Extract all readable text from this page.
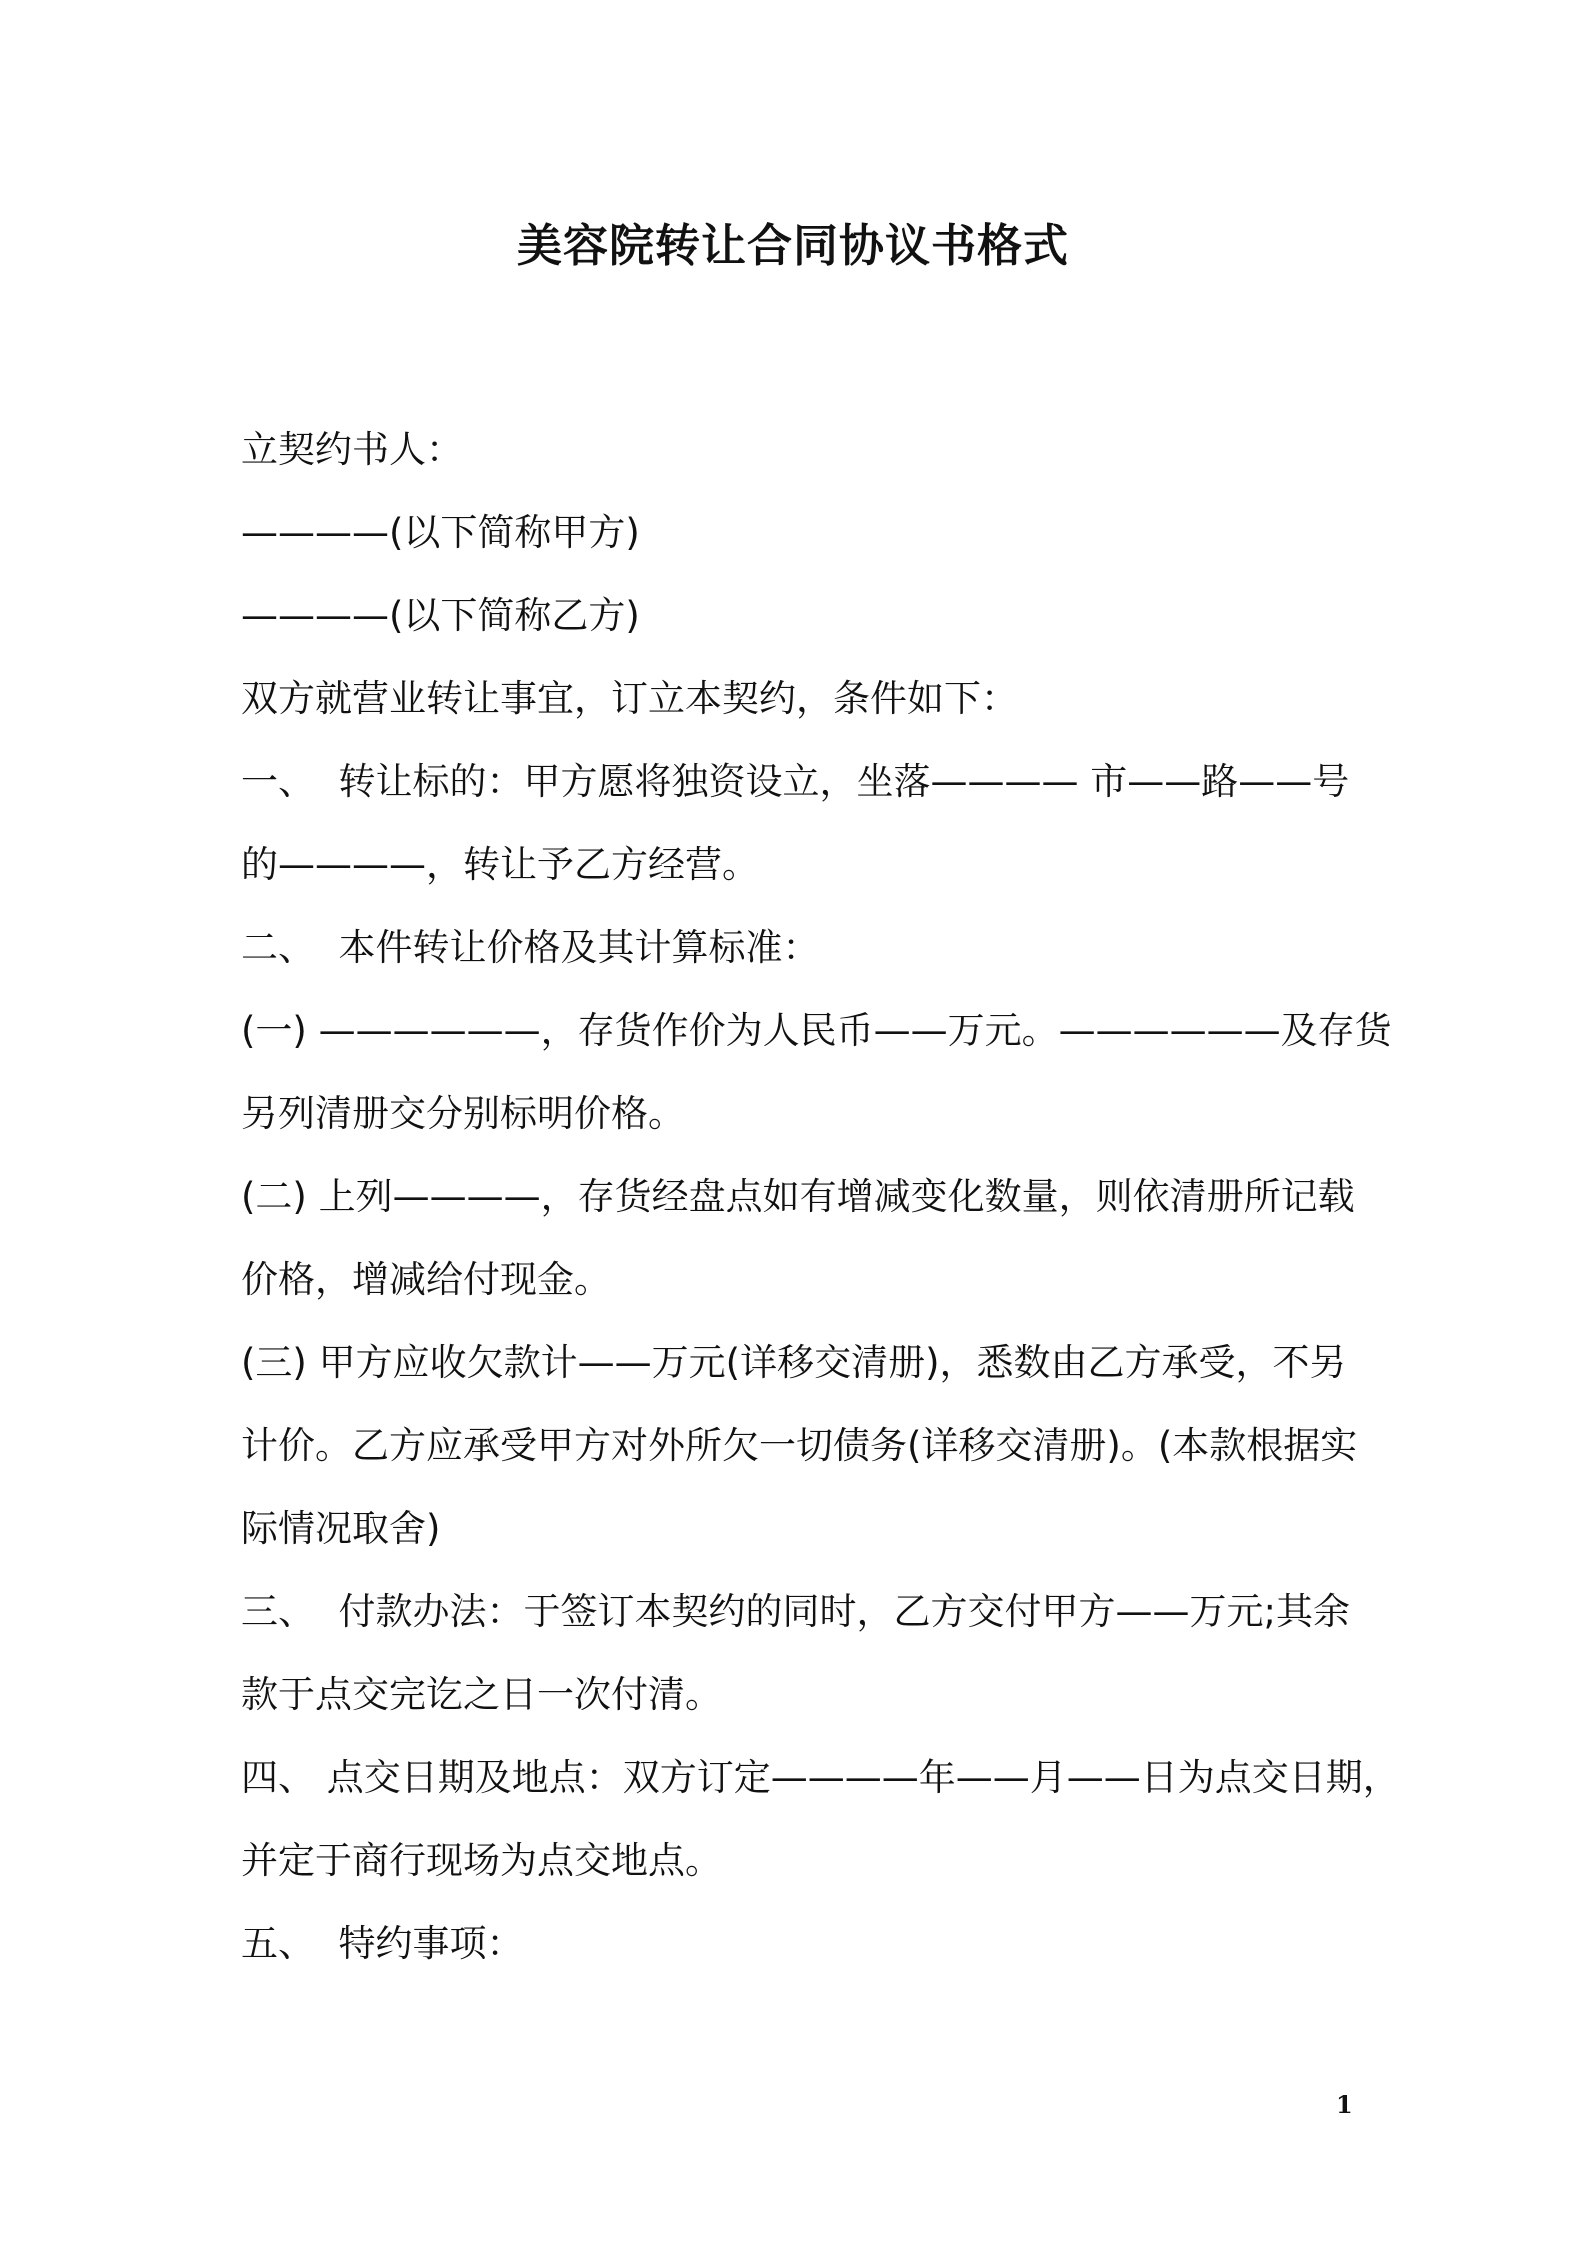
美容院转让合同协议书格式

立契约书人：

————(以下简称甲方)

————(以下简称乙方)

双方就营业转让事宜，订立本契约，条件如下：

一、  转让标的：甲方愿将独资设立，坐落———— 市——路——号

的————，转让予乙方经营。

二、  本件转让价格及其计算标准：

(一) ——————，存货作价为人民币——万元。——————及存货

另列清册交分别标明价格。

(二) 上列————，存货经盘点如有增减变化数量，则依清册所记载

价格，增减给付现金。

(三) 甲方应收欠款计——万元(详移交清册)，悉数由乙方承受，不另

计价。乙方应承受甲方对外所欠一切债务(详移交清册)。(本款根据实

际情况取舍)

三、  付款办法：于签订本契约的同时，乙方交付甲方——万元;其余

款于点交完讫之日一次付清。

四、 点交日期及地点：双方订定————年——月——日为点交日期，

并定于商行现场为点交地点。

五、  特约事项：

1
